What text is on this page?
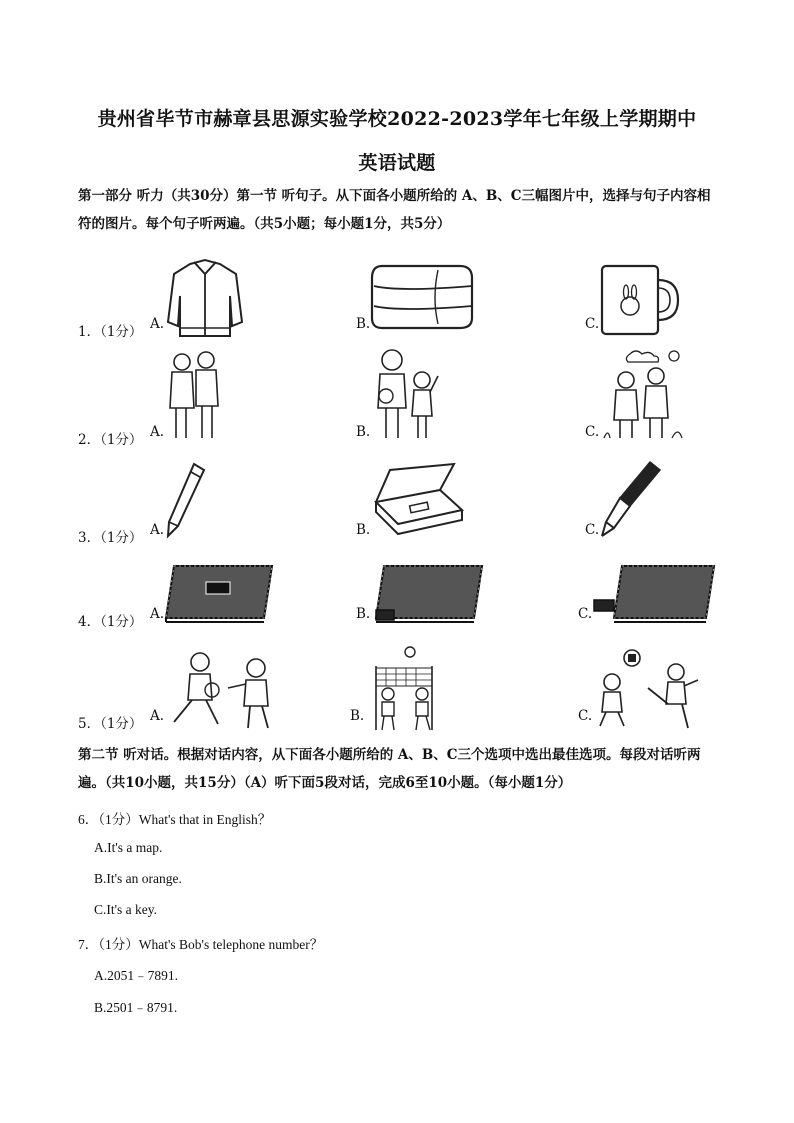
贵州省毕节市赫章县思源实验学校2022-2023学年七年级上学期期中
英语试题
第一部分 听力（共30分）第一节 听句子。从下面各小题所给的 A、B、C三幅图片中，选择与句子内容相符的图片。每个句子听两遍。（共5小题；每小题1分，共5分）
1．（1分） A.	B.	C.
2．（1分） A.	B.	C.
3．（1分） A.	B.	C.
4．（1分） A.	B.	C.
5．（1分） A.	B.	C.
第二节 听对话。根据对话内容，从下面各小题所给的 A、B、C三个选项中选出最佳选项。每段对话听两遍。（共10小题，共15分）（A）听下面5段对话，完成6至10小题。（每小题1分）
6．（1分）What's that in English？
A.It's a map.
B.It's an orange.
C.It's a key.
7．（1分）What's Bob's telephone number？
A.2051﹣7891.
B.2501﹣8791.
